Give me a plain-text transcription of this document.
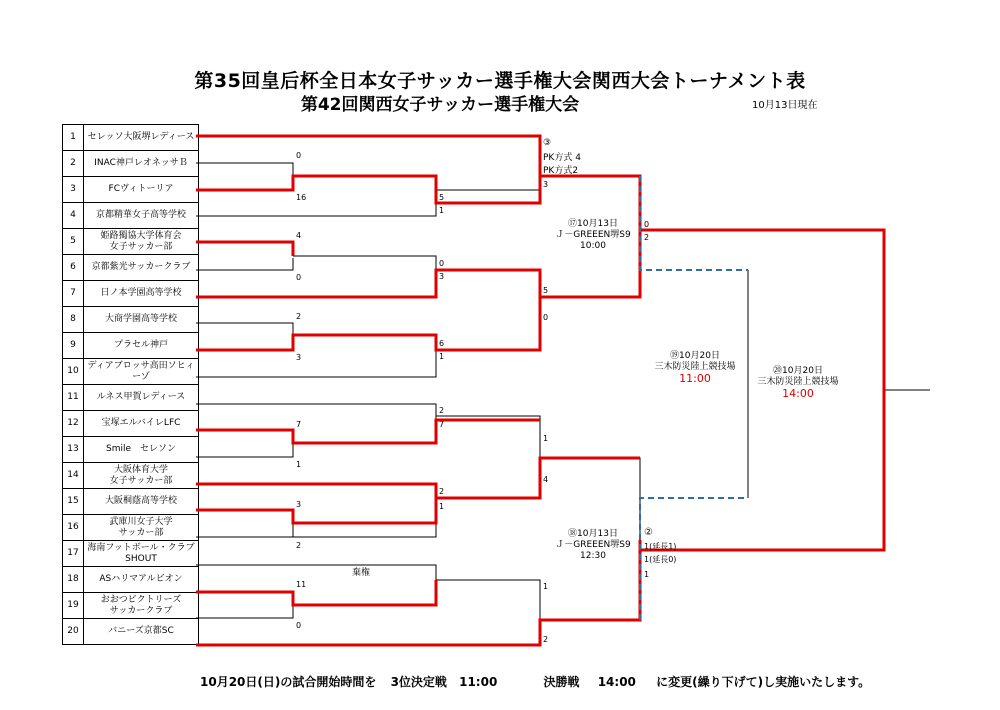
第35回皇后杯全日本女子サッカー選手権大会関西大会トーナメント表
第42回関西女子サッカー選手権大会	10月13日現在
1	セレッソ大阪堺レディース
2	INAC神戸レオネッサＢ
3	FCヴィトーリア
4	京都精華女子高等学校
5	姫路獨協大学体育会
女子サッカー部
6	京都紫光サッカークラブ
7	日ノ本学園高等学校
8	大商学園高等学校
9	プラセル神戸
10	ディアブロッサ高田ソヒィーゾ
11	ルネス甲賀レディース
12	宝塚エルバイレLFC
13	Smile　セレソン
14	大阪体育大学
女子サッカー部
15	大阪桐蔭高等学校
16	武庫川女子大学
サッカー部
17	海南フットボール・クラブ
SHOUT
18	ASハリマアルビオン
19	おおつビクトリーズ
サッカークラブ
20	バニーズ京都SC
0
16	5
1
4
0
0
3
2
3
6
1
7
1
2
7
3
2
2
1
11
0
棄権
③
PK方式 4
PK方式2
3
5
0
1
4
1
2
0
2
②
1(延長1)
1(延長0)
1
⑰10月13日
Ｊ－GREEEN堺S9
10:00
⑱10月13日
Ｊ－GREEEN堺S9
12:30
⑲10月20日
三木防災陸上競技場
11:00
⑳10月20日
三木防災陸上競技場
14:00
10月20日(日)の試合開始時間を 3位決定戦 11:00	決勝戦 14:00 に変更(繰り下げて)し実施いたします。
